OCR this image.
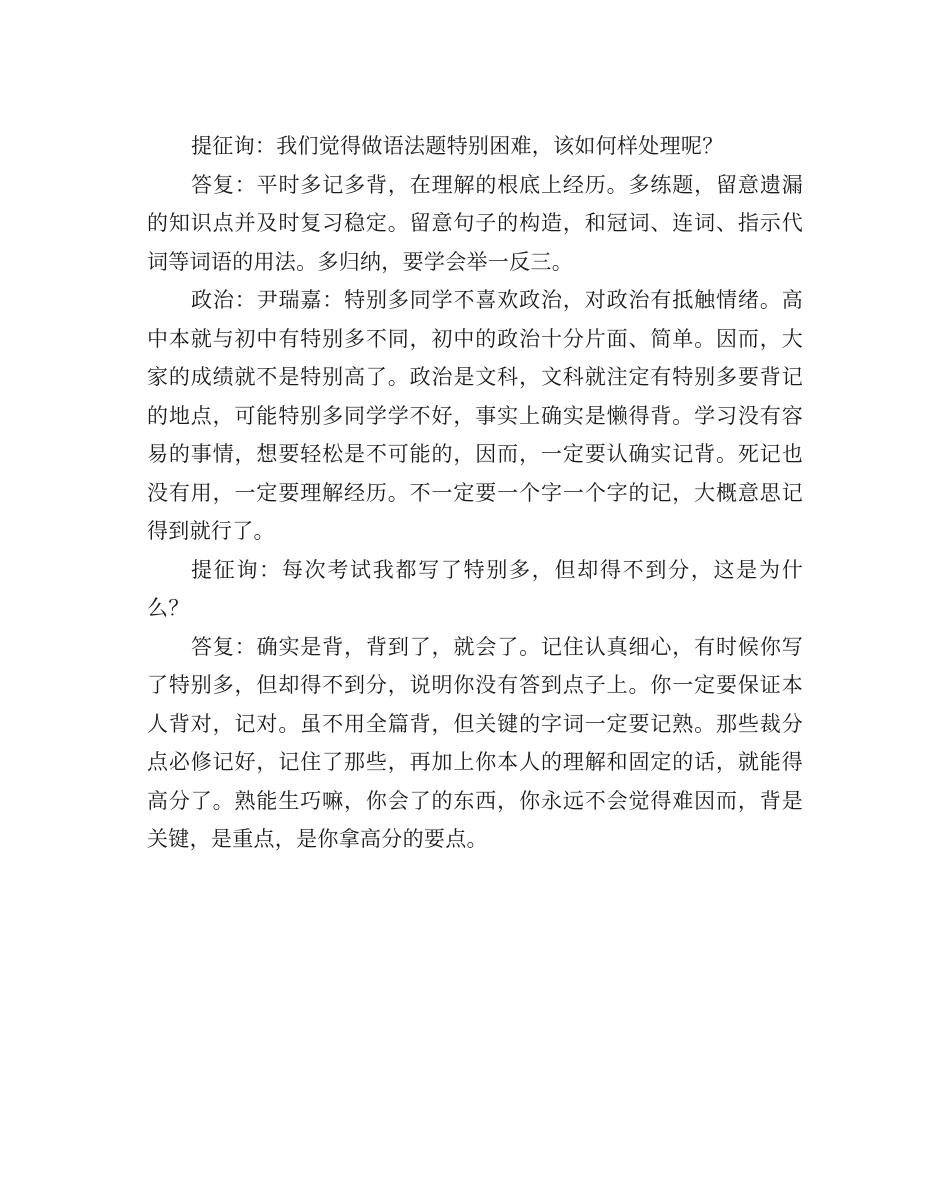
提征询：我们觉得做语法题特别困难，该如何样处理呢？

答复：平时多记多背，在理解的根底上经历。多练题，留意遗漏的知识点并及时复习稳定。留意句子的构造，和冠词、连词、指示代词等词语的用法。多归纳，要学会举一反三。

政治：尹瑞嘉：特别多同学不喜欢政治，对政治有抵触情绪。高中本就与初中有特别多不同，初中的政治十分片面、简单。因而，大家的成绩就不是特别高了。政治是文科，文科就注定有特别多要背记的地点，可能特别多同学学不好，事实上确实是懒得背。学习没有容易的事情，想要轻松是不可能的，因而，一定要认确实记背。死记也没有用，一定要理解经历。不一定要一个字一个字的记，大概意思记得到就行了。

提征询：每次考试我都写了特别多，但却得不到分，这是为什么？

答复：确实是背，背到了，就会了。记住认真细心，有时候你写了特别多，但却得不到分，说明你没有答到点子上。你一定要保证本人背对，记对。虽不用全篇背，但关键的字词一定要记熟。那些裁分点必修记好，记住了那些，再加上你本人的理解和固定的话，就能得高分了。熟能生巧嘛，你会了的东西，你永远不会觉得难因而，背是关键，是重点，是你拿高分的要点。
